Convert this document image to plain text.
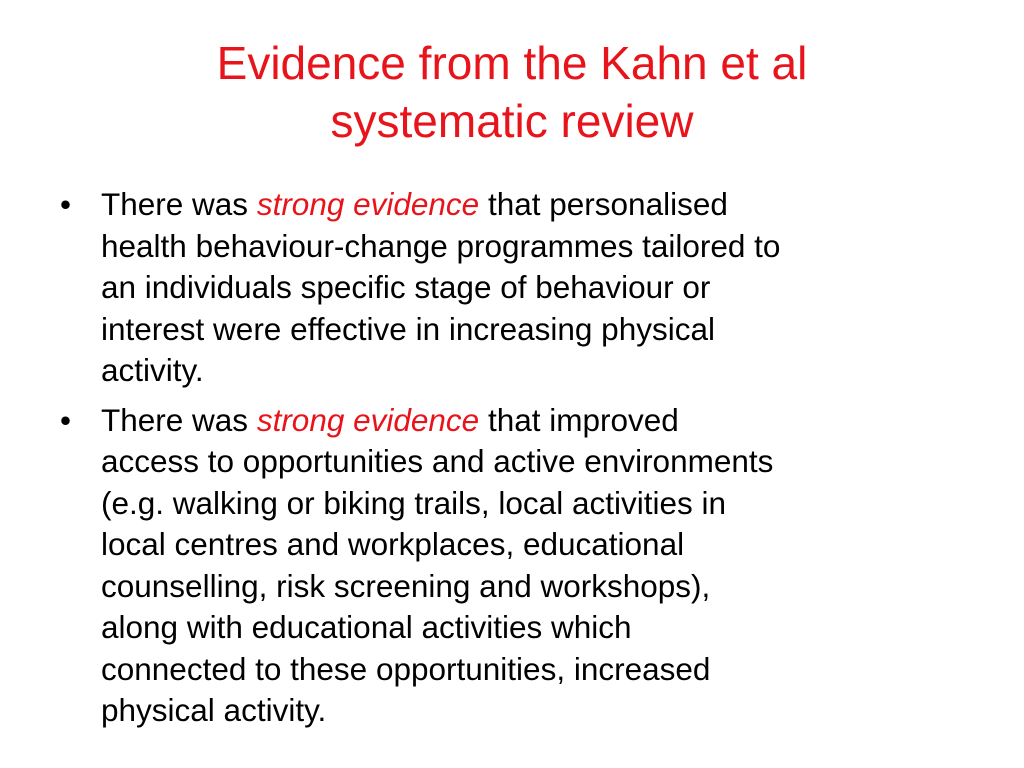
Evidence from the Kahn et al
systematic review
• There was strong evidence that personalised
health behaviour-change programmes tailored to
an individuals specific stage of behaviour or
interest were effective in increasing physical
activity.
• There was strong evidence that improved
access to opportunities and active environments
(e.g. walking or biking trails, local activities in
local centres and workplaces, educational
counselling, risk screening and workshops),
along with educational activities which
connected to these opportunities, increased
physical activity.
